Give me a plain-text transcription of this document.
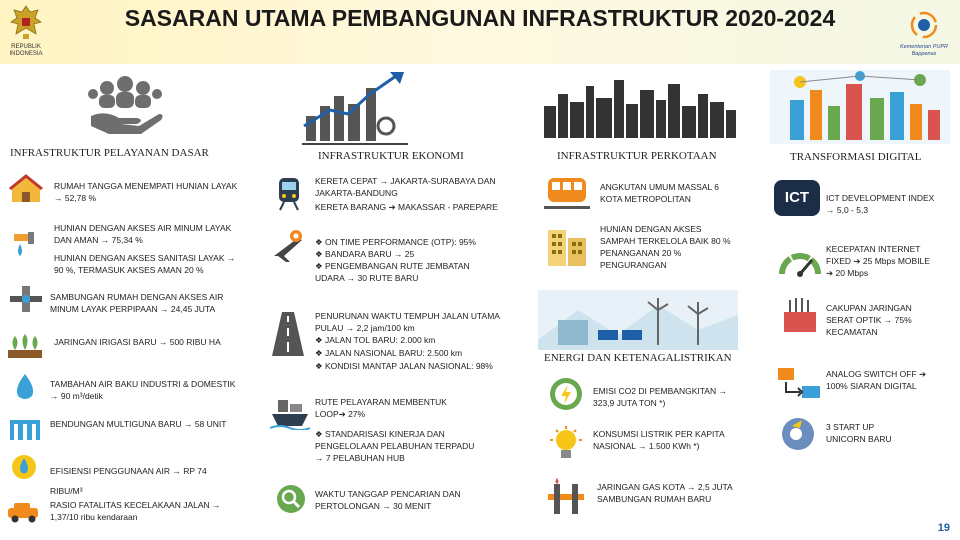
REPUBLIK
INDONESIA
SASARAN UTAMA PEMBANGUNAN INFRASTRUKTUR 2020-2024
Kementerian PUPR
Bappenas
INFRASTRUKTUR PELAYANAN DASAR	INFRASTRUKTUR EKONOMI	INFRASTRUKTUR PERKOTAAN	TRANSFORMASI DIGITAL
RUMAH TANGGA MENEMPATI HUNIAN LAYAK → 52,78 %
HUNIAN DENGAN AKSES AIR MINUM LAYAK DAN AMAN → 75,34 %
HUNIAN DENGAN AKSES SANITASI LAYAK → 90 %, TERMASUK AKSES AMAN 20 %
SAMBUNGAN RUMAH DENGAN AKSES AIR MINUM LAYAK PERPIPAAN → 24,45 JUTA
JARINGAN IRIGASI BARU → 500 RIBU HA
TAMBAHAN AIR BAKU INDUSTRI & DOMESTIK → 90 m³/detik
BENDUNGAN MULTIGUNA BARU → 58 UNIT
EFISIENSI PENGGUNAAN AIR → RP 74 RIBU/M³
RASIO FATALITAS KECELAKAAN JALAN → 1,37/10 ribu kendaraan
KERETA CEPAT → JAKARTA-SURABAYA DAN JAKARTA-BANDUNG
KERETA BARANG ➔ MAKASSAR - PAREPARE
❖ ON TIME PERFORMANCE (OTP): 95%
❖ BANDARA BARU → 25
❖ PENGEMBANGAN RUTE JEMBATAN UDARA → 30 RUTE BARU
PENURUNAN WAKTU TEMPUH JALAN UTAMA PULAU → 2,2 jam/100 km
❖ JALAN TOL BARU: 2.000 km
❖ JALAN NASIONAL BARU: 2.500 km
❖ KONDISI MANTAP JALAN NASIONAL: 98%
RUTE PELAYARAN MEMBENTUK LOOP➔ 27%
❖ STANDARISASI KINERJA DAN PENGELOLAAN PELABUHAN TERPADU → 7 PELABUHAN HUB
WAKTU TANGGAP PENCARIAN DAN PERTOLONGAN → 30 MENIT
ANGKUTAN UMUM MASSAL 6 KOTA METROPOLITAN
HUNIAN DENGAN AKSES SAMPAH TERKELOLA BAIK 80 % PENANGANAN 20 % PENGURANGAN
ENERGI DAN KETENAGALISTRIKAN
EMISI CO2 DI PEMBANGKITAN → 323,9 JUTA TON *)
KONSUMSI LISTRIK PER KAPITA NASIONAL → 1.500 KWh *)
JARINGAN GAS KOTA → 2,5 JUTA SAMBUNGAN RUMAH BARU
ICT	ICT DEVELOPMENT INDEX → 5,0 - 5,3
KECEPATAN INTERNET FIXED ➔ 25 Mbps MOBILE ➔ 20 Mbps
CAKUPAN JARINGAN SERAT OPTIK → 75% KECAMATAN
ANALOG SWITCH OFF ➔ 100% SIARAN DIGITAL
3 START UP UNICORN BARU
19
